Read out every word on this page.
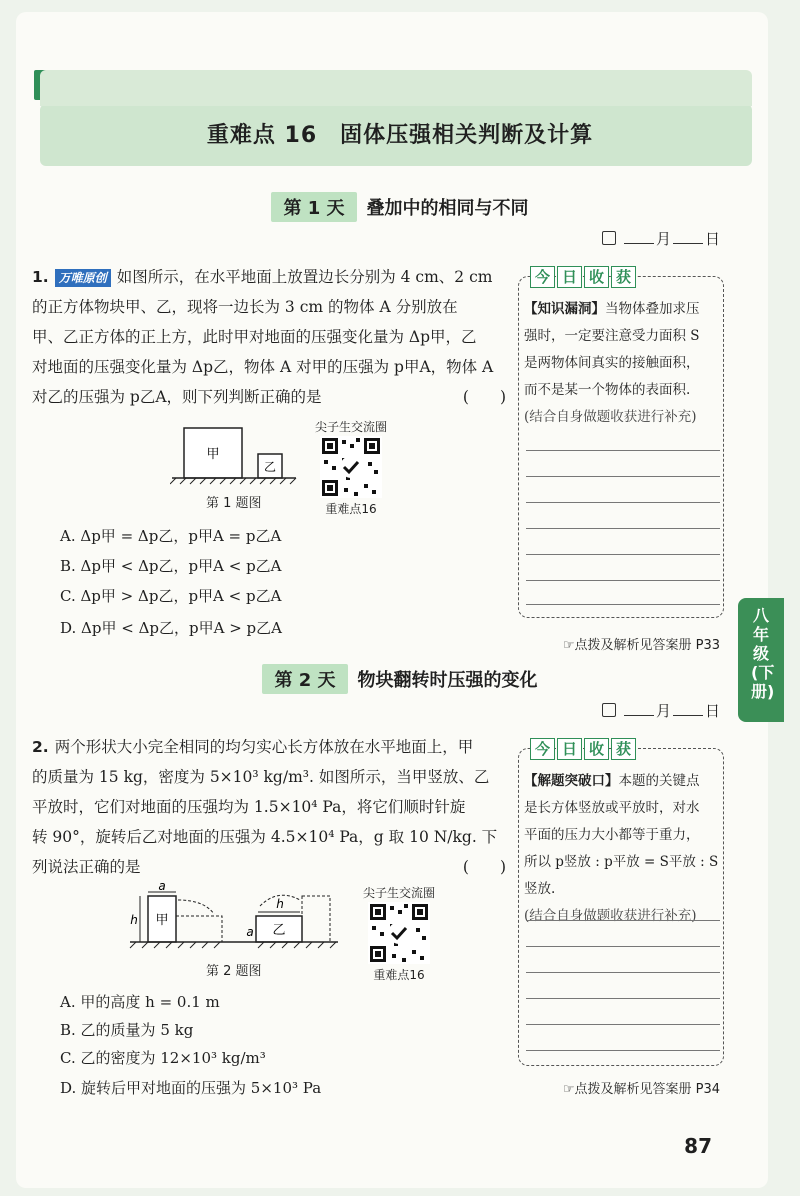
重难点 16　固体压强相关判断及计算
第 1 天 叠加中的相同与不同
月 日
1. 万唯原创 如图所示，在水平地面上放置边长分别为 4 cm、2 cm
的正方体物块甲、乙，现将一边长为 3 cm 的物体 A 分别放在
甲、乙正方体的正上方，此时甲对地面的压强变化量为 Δp甲，乙
对地面的压强变化量为 Δp乙，物体 A 对甲的压强为 p甲A，物体 A
对乙的压强为 p乙A，则下列判断正确的是	(　　)
甲
乙
第 1 题图
尖子生交流圈
重难点16
A. Δp甲 = Δp乙，p甲A = p乙A
B. Δp甲 < Δp乙，p甲A < p乙A
C. Δp甲 > Δp乙，p甲A < p乙A
D. Δp甲 < Δp乙，p甲A > p乙A
☞点拨及解析见答案册 P33
今 日 收 获
【知识漏洞】当物体叠加求压
强时，一定要注意受力面积 S
是两物体间真实的接触面积，
而不是某一个物体的表面积.
(结合自身做题收获进行补充)
第 2 天 物块翻转时压强的变化
月 日
2. 两个形状大小完全相同的均匀实心长方体放在水平地面上，甲
的质量为 15 kg，密度为 5×10³ kg/m³. 如图所示，当甲竖放、乙
平放时，它们对地面的压强均为 1.5×10⁴ Pa，将它们顺时针旋
转 90°，旋转后乙对地面的压强为 4.5×10⁴ Pa，g 取 10 N/kg. 下
列说法正确的是	(　　)
a
h 甲
a 乙
h
第 2 题图
尖子生交流圈
重难点16
A. 甲的高度 h = 0.1 m
B. 乙的质量为 5 kg
C. 乙的密度为 12×10³ kg/m³
D. 旋转后甲对地面的压强为 5×10³ Pa	☞点拨及解析见答案册 P34
今 日 收 获
【解题突破口】本题的关键点
是长方体竖放或平放时，对水
平面的压力大小都等于重力，
所以 p竖放 : p平放 = S平放 : S竖放.
(结合自身做题收获进行补充)
八年级(下册)
87
